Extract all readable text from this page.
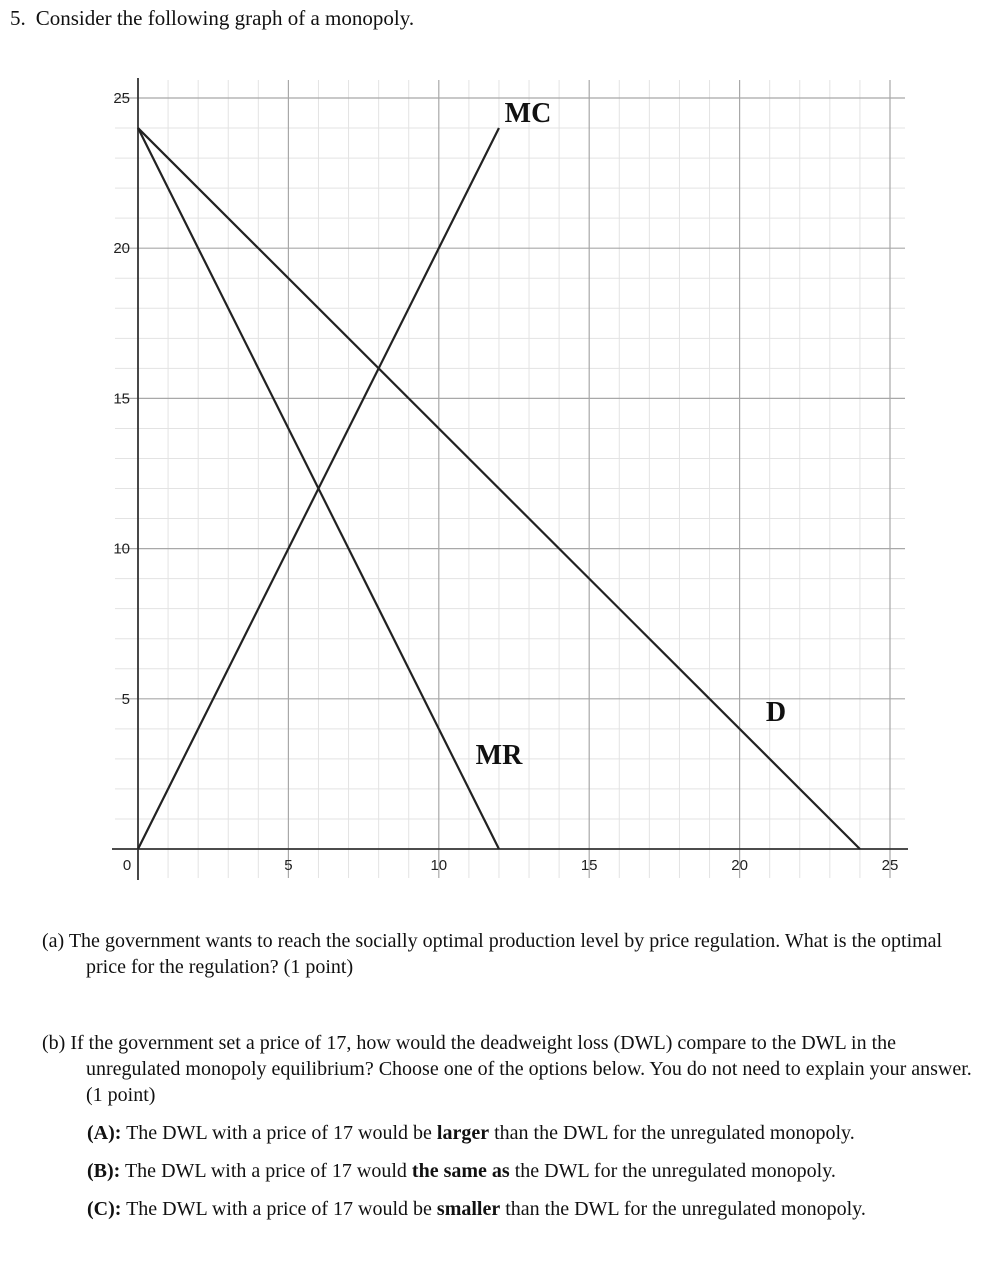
5. Consider the following graph of a monopoly.

5
10
15
20
25
5	10	15	20	25
0
MC
MR
D
(a) The government wants to reach the socially optimal production level by price regulation. What is the optimal price for the regulation? (1 point)
(b) If the government set a price of 17, how would the deadweight loss (DWL) compare to the DWL in the unregulated monopoly equilibrium? Choose one of the options below. You do not need to explain your answer. (1 point)

(A): The DWL with a price of 17 would be larger than the DWL for the unregulated monopoly.

(B): The DWL with a price of 17 would the same as the DWL for the unregulated monopoly.

(C): The DWL with a price of 17 would be smaller than the DWL for the unregulated monopoly.
